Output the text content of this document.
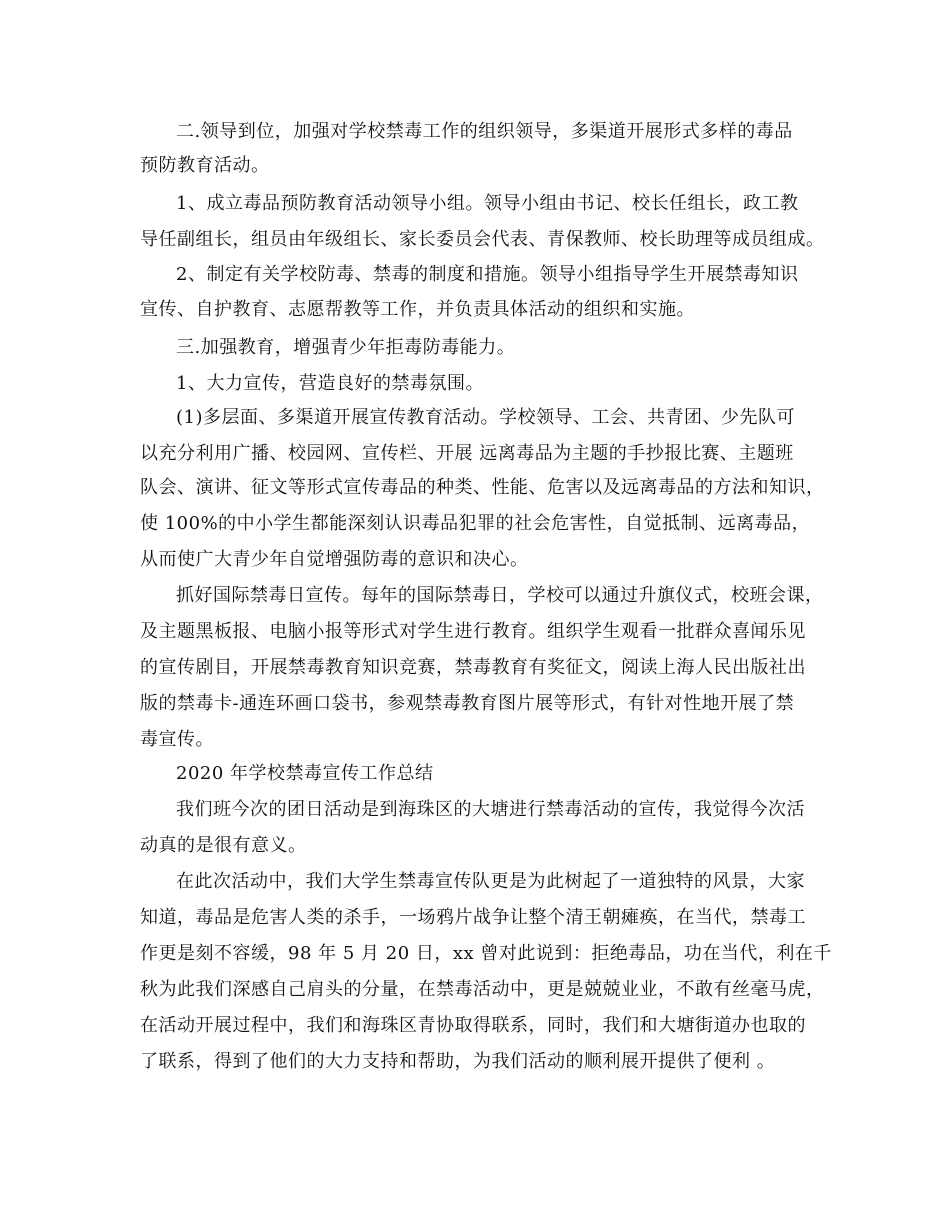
二.领导到位，加强对学校禁毒工作的组织领导，多渠道开展形式多样的毒品
预防教育活动。
1、成立毒品预防教育活动领导小组。领导小组由书记、校长任组长，政工教
导任副组长，组员由年级组长、家长委员会代表、青保教师、校长助理等成员组成。
2、制定有关学校防毒、禁毒的制度和措施。领导小组指导学生开展禁毒知识
宣传、自护教育、志愿帮教等工作，并负责具体活动的组织和实施。
三.加强教育，增强青少年拒毒防毒能力。
1、大力宣传，营造良好的禁毒氛围。
(1)多层面、多渠道开展宣传教育活动。学校领导、工会、共青团、少先队可
以充分利用广播、校园网、宣传栏、开展 远离毒品为主题的手抄报比赛、主题班
队会、演讲、征文等形式宣传毒品的种类、性能、危害以及远离毒品的方法和知识，
使 100%的中小学生都能深刻认识毒品犯罪的社会危害性，自觉抵制、远离毒品，
从而使广大青少年自觉增强防毒的意识和决心。
抓好国际禁毒日宣传。每年的国际禁毒日，学校可以通过升旗仪式，校班会课，
及主题黑板报、电脑小报等形式对学生进行教育。组织学生观看一批群众喜闻乐见
的宣传剧目，开展禁毒教育知识竞赛，禁毒教育有奖征文，阅读上海人民出版社出
版的禁毒卡-通连环画口袋书，参观禁毒教育图片展等形式，有针对性地开展了禁
毒宣传。
2020 年学校禁毒宣传工作总结
我们班今次的团日活动是到海珠区的大塘进行禁毒活动的宣传，我觉得今次活
动真的是很有意义。
在此次活动中，我们大学生禁毒宣传队更是为此树起了一道独特的风景，大家
知道，毒品是危害人类的杀手，一场鸦片战争让整个清王朝瘫痪，在当代，禁毒工
作更是刻不容缓，98 年 5 月 20 日，xx 曾对此说到：拒绝毒品，功在当代，利在千
秋为此我们深感自己肩头的分量，在禁毒活动中，更是兢兢业业，不敢有丝毫马虎，
在活动开展过程中，我们和海珠区青协取得联系，同时，我们和大塘街道办也取的
了联系，得到了他们的大力支持和帮助，为我们活动的顺利展开提供了便利 。
